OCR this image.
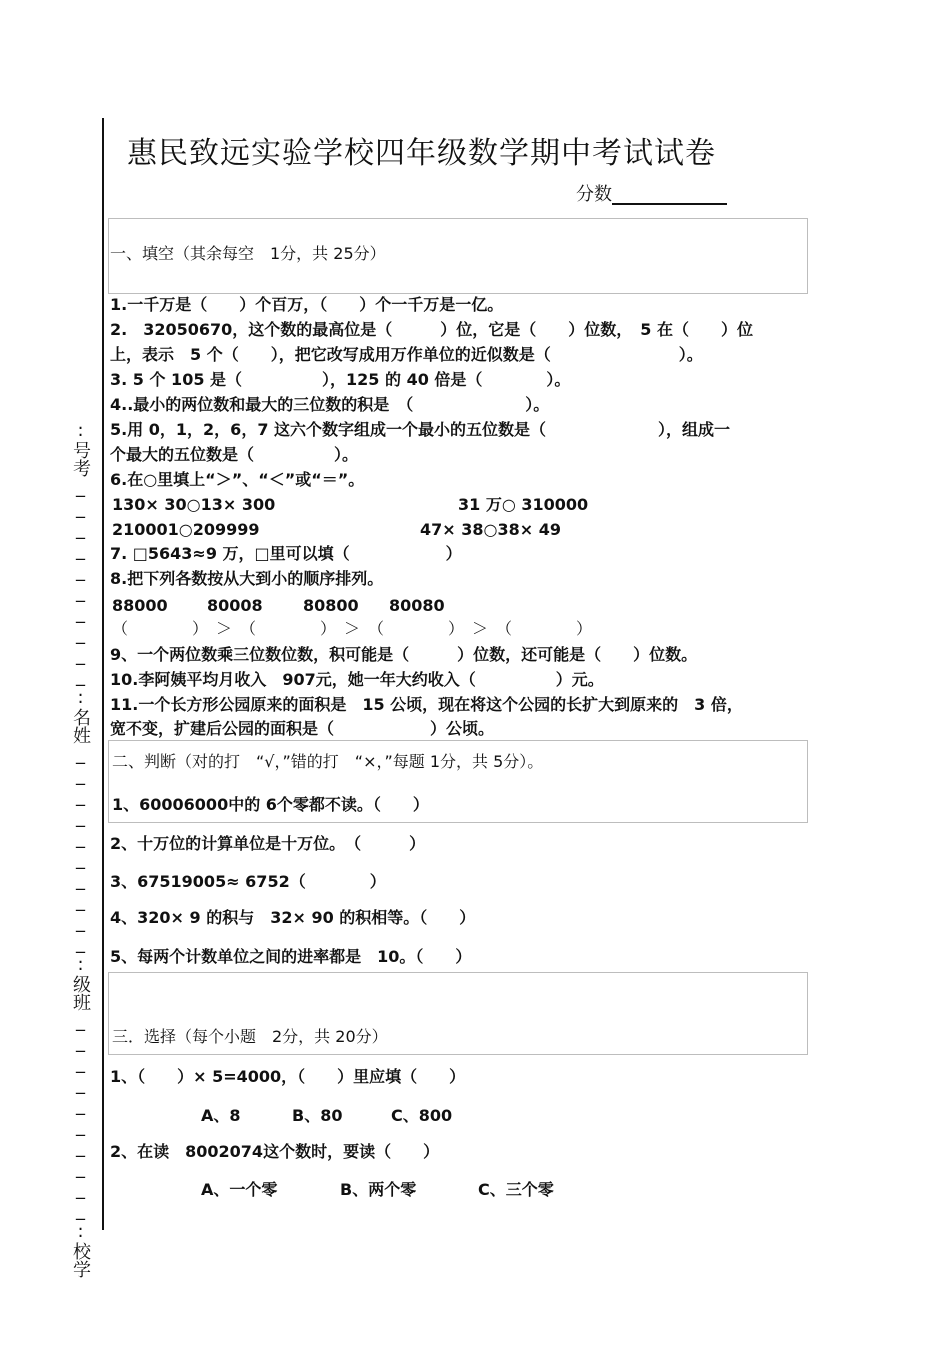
:号考__________:名姓__________:级班__________:校学
惠民致远实验学校四年级数学期中考试试卷
分数
一、填空（其余每空　1分，共 25分）
1.一千万是（　　）个百万，（　　）个一千万是一亿。
2.　32050670，这个数的最高位是（　　　）位，它是（　　）位数，　5 在（　　）位
上，表示　5 个（　　），把它改写成用万作单位的近似数是（　　　　　　　　）。
3. 5 个 105 是（　　　　　），125 的 40 倍是（　　　　）。
4..最小的两位数和最大的三位数的积是　（　　　　　　　）。
5.用 0，1，2，6，7 这六个数字组成一个最小的五位数是（　　　　　　　），组成一
个最大的五位数是（　　　　　）。
6.在○里填上“＞”、“＜”或“＝”。
130× 30○13× 300	31 万○ 310000
210001○209999	47× 38○38× 49
7. □5643≈9 万，□里可以填（　　　　　　）
8.把下列各数按从大到小的顺序排列。
88000 80008	80800 80080
（　　　　）　＞　（　　　　）　＞　（　　　　）　＞　（　　　　）
9、一个两位数乘三位数位数，积可能是（　　　）位数，还可能是（　　）位数。
10.李阿姨平均月收入　907元，她一年大约收入（　　　　　）元。
11.一个长方形公园原来的面积是　15 公顷，现在将这个公园的长扩大到原来的　3 倍，
宽不变，扩建后公园的面积是（　　　　　　）公顷。
二、判断（对的打　“√，”错的打　“×，”每题 1分，共 5分）。
1、60006000中的 6个零都不读。（　　）
2、十万位的计算单位是十万位。　（　　　）
3、67519005≈ 6752（　　　　）
4、320× 9 的积与　32× 90 的积相等。（　　）
5、每两个计数单位之间的进率都是　10。（　　）
三．选择（每个小题　2分，共 20分）
1、（　　）× 5=4000，（　　）里应填（　　）
A、8	B、80	C、800
2、在读　8002074这个数时，要读（　　）
A、一个零	B、两个零	C、三个零
